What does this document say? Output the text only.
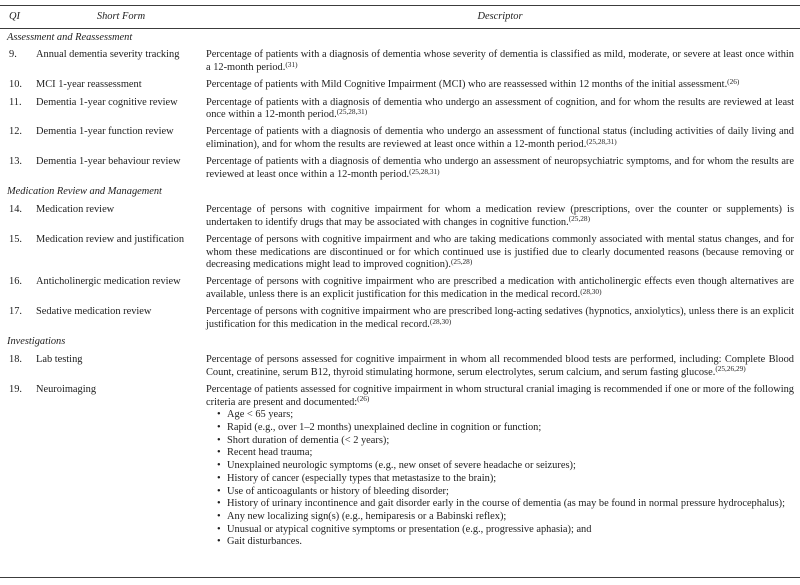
QI	Short Form	Descriptor
Assessment and Reassessment
9.	Annual dementia severity tracking	Percentage of patients with a diagnosis of dementia whose severity of dementia is classified as mild, moderate, or severe at least once within a 12-month period.$^{(31)}$
10.	MCI 1-year reassessment	Percentage of patients with Mild Cognitive Impairment (MCI) who are reassessed within 12 months of the initial assessment.$^{(26)}$
11.	Dementia 1-year cognitive review	Percentage of patients with a diagnosis of dementia who undergo an assessment of cognition, and for whom the results are reviewed at least once within a 12-month period.$^{(25,28,31)}$
12.	Dementia 1-year function review	Percentage of patients with a diagnosis of dementia who undergo an assessment of functional status (including activities of daily living and elimination), and for whom the results are reviewed at least once within a 12-month period.$^{(25,28,31)}$
13.	Dementia 1-year behaviour review	Percentage of patients with a diagnosis of dementia who undergo an assessment of neuropsychiatric symptoms, and for whom the results are reviewed at least once within a 12-month period.$^{(25,28,31)}$
Medication Review and Management
14.	Medication review	Percentage of persons with cognitive impairment for whom a medication review (prescriptions, over the counter or supplements) is undertaken to identify drugs that may be associated with changes in cognitive function.$^{(25,28)}$
15.	Medication review and justification	Percentage of persons with cognitive impairment and who are taking medications commonly associated with mental status changes, and for whom these medications are discontinued or for which continued use is justified due to clearly documented reasons (because removing or decreasing medications might lead to improved cognition).$^{(25,28)}$
16.	Anticholinergic medication review	Percentage of persons with cognitive impairment who are prescribed a medication with anticholinergic effects even though alternatives are available, unless there is an explicit justification for this medication in the medical record.$^{(28,30)}$
17.	Sedative medication review	Percentage of persons with cognitive impairment who are prescribed long-acting sedatives (hypnotics, anxiolytics), unless there is an explicit justification for this medication in the medical record.$^{(28,30)}$
Investigations
18.	Lab testing	Percentage of persons assessed for cognitive impairment in whom all recommended blood tests are performed, including: Complete Blood Count, creatinine, serum B12, thyroid stimulating hormone, serum electrolytes, serum calcium, and serum fasting glucose.$^{(25,26,29)}$
19.	Neuroimaging	Percentage of patients assessed for cognitive impairment in whom structural cranial imaging is recommended if one or more of the following criteria are present and documented:$^{(26)}$
• Age < 65 years;
• Rapid (e.g., over 1–2 months) unexplained decline in cognition or function;
• Short duration of dementia (< 2 years);
• Recent head trauma;
• Unexplained neurologic symptoms (e.g., new onset of severe headache or seizures);
• History of cancer (especially types that metastasize to the brain);
• Use of anticoagulants or history of bleeding disorder;
• History of urinary incontinence and gait disorder early in the course of dementia (as may be found in normal pressure hydrocephalus);
• Any new localizing sign(s) (e.g., hemiparesis or a Babinski reflex);
• Unusual or atypical cognitive symptoms or presentation (e.g., progressive aphasia); and
• Gait disturbances.
